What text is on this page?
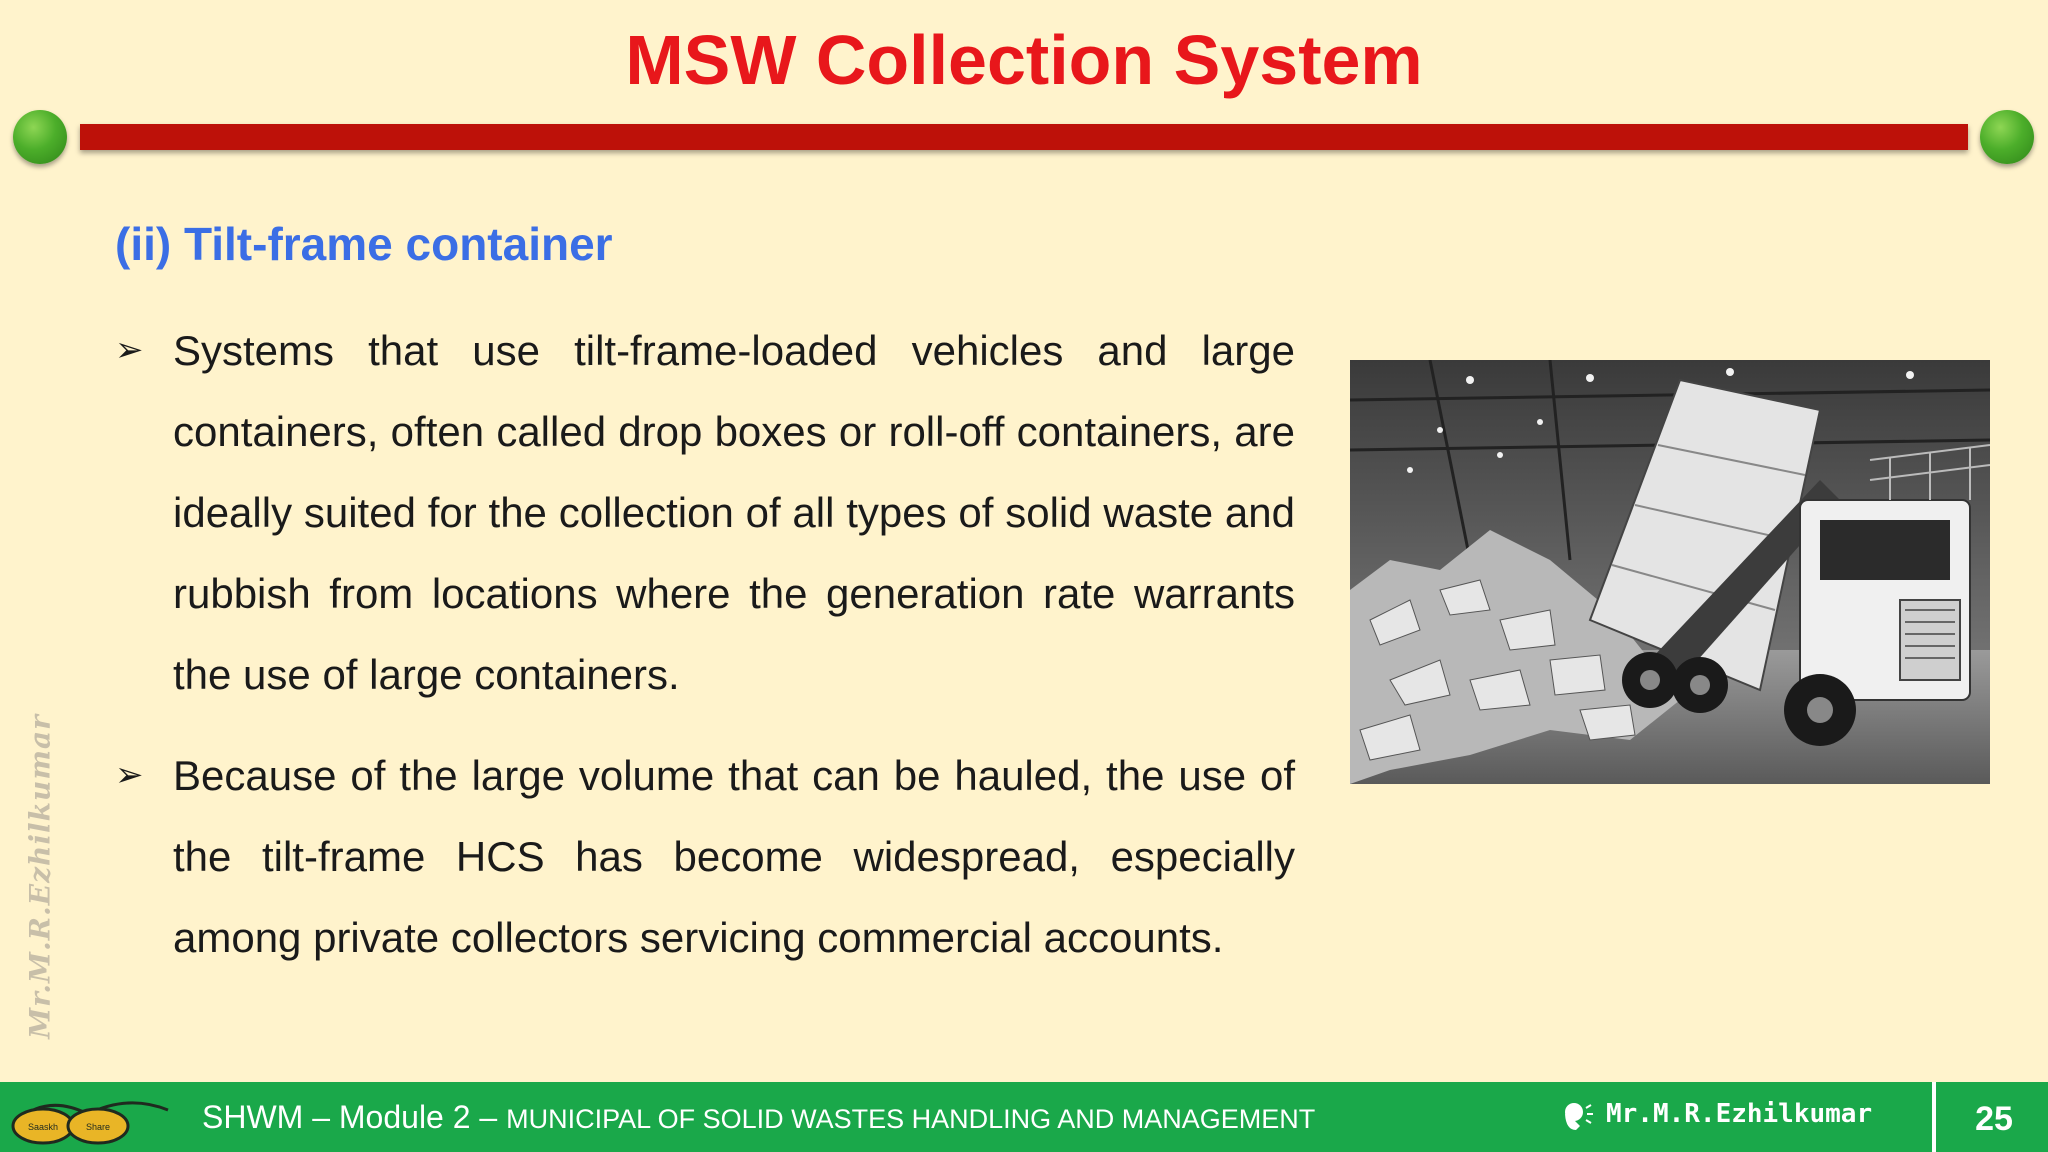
MSW Collection System
(ii) Tilt-frame container
➢ Systems that use tilt-frame-loaded vehicles and large containers, often called drop boxes or roll-off containers, are ideally suited for the collection of all types of solid waste and rubbish from locations where the generation rate warrants the use of large containers.
➢ Because of the large volume that can be hauled, the use of the tilt-frame HCS has become widespread, especially among private collectors servicing commercial accounts.
Mr.M.R.Ezhilkumar
Saaskh	Share	SHWM – Module 2 – MUNICIPAL OF SOLID WASTES HANDLING AND MANAGEMENT	Mr.M.R.Ezhilkumar	25
